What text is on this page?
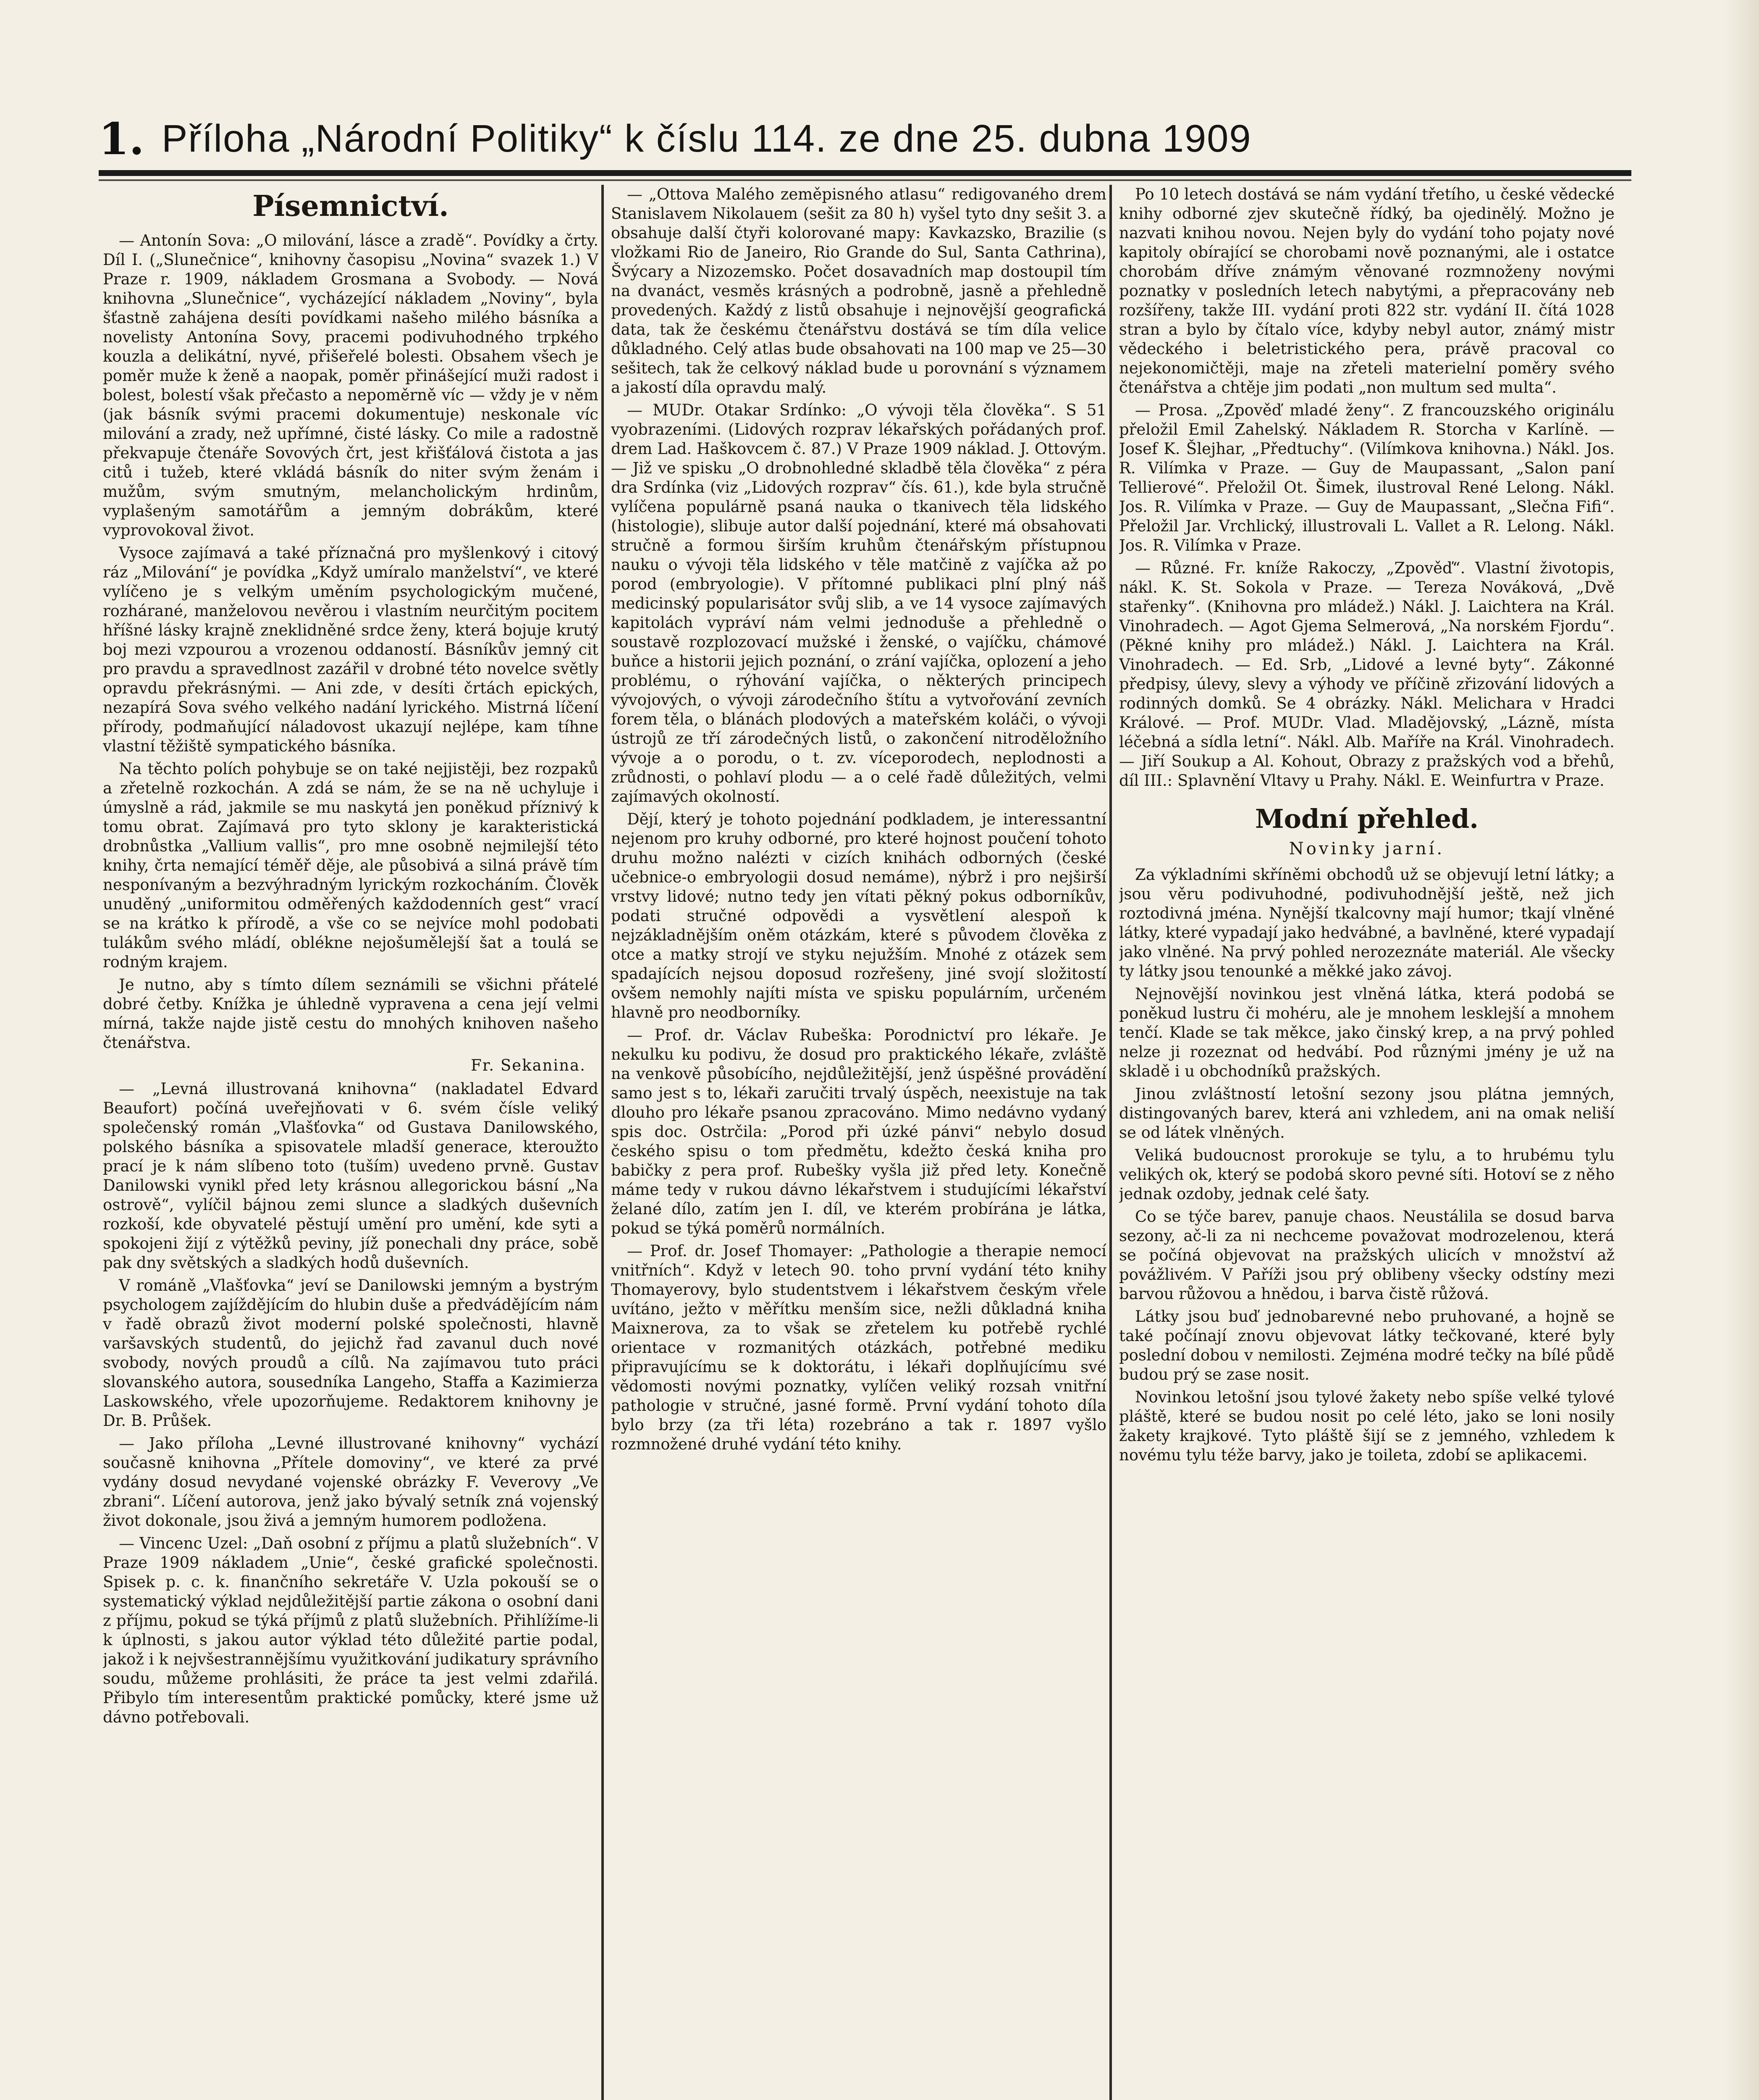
1. Příloha „Národní Politiky“ k číslu 114. ze dne 25. dubna 1909
Písemnictví.

— Antonín Sova: „O milování, lásce a zradě“. Povídky a črty. Díl I. („Slunečnice“, knihovny časopisu „Novina“ svazek 1.) V Praze r. 1909, nákladem Grosmana a Svobody. — Nová knihovna „Slunečnice“, vycházející nákladem „Noviny“, byla šťastně zahájena desíti povídkami našeho milého básníka a novelisty Antonína Sovy, pracemi podivuhodného trpkého kouzla a delikátní, nyvé, přišeřelé bolesti. Obsahem všech je poměr muže k ženě a naopak, poměr přinášející muži radost i bolest, bolestí však přečasto a nepoměrně víc — vždy je v něm (jak básník svými pracemi dokumentuje) neskonale víc milování a zrady, než upřímné, čisté lásky. Co mile a radostně překvapuje čtenáře Sovových črt, jest křišťálová čistota a jas citů i tužeb, které vkládá básník do niter svým ženám i mužům, svým smutným, melancholickým hrdinům, vyplašeným samotářům a jemným dobrákům, které vyprovokoval život.

Vysoce zajímavá a také příznačná pro myšlenkový i citový ráz „Milování“ je povídka „Když umíralo manželství“, ve které vylíčeno je s velkým uměním psychologickým mučené, rozhárané, manželovou nevěrou i vlastním neurčitým pocitem hříšné lásky krajně zneklidněné srdce ženy, která bojuje krutý boj mezi vzpourou a vrozenou oddaností. Básníkův jemný cit pro pravdu a spravedlnost zazářil v drobné této novelce světly opravdu překrásnými. — Ani zde, v desíti črtách epických, nezapírá Sova svého velkého nadání lyrického. Mistrná líčení přírody, podmaňující náladovost ukazují nejlépe, kam tíhne vlastní těžiště sympatického básníka.

Na těchto polích pohybuje se on také nejjistěji, bez rozpaků a zřetelně rozkochán. A zdá se nám, že se na ně uchyluje i úmyslně a rád, jakmile se mu naskytá jen poněkud příznivý k tomu obrat. Zajímavá pro tyto sklony je karakteristická drobnůstka „Vallium vallis“, pro mne osobně nejmilejší této knihy, črta nemající téměř děje, ale působivá a silná právě tím nesponívaným a bezvýhradným lyrickým rozkocháním. Člověk unuděný „uniformitou odměřených každodenních gest“ vrací se na krátko k přírodě, a vše co se nejvíce mohl podobati tulákům svého mládí, oblékne nejošumělejší šat a toulá se rodným krajem.

Je nutno, aby s tímto dílem seznámili se všichni přátelé dobré četby. Knížka je úhledně vypravena a cena její velmi mírná, takže najde jistě cestu do mnohých knihoven našeho čtenářstva.

Fr. Sekanina.

— „Levná illustrovaná knihovna“ (nakladatel Edvard Beaufort) počíná uveřejňovati v 6. svém čísle veliký společenský román „Vlašťovka“ od Gustava Danilowského, polského básníka a spisovatele mladší generace, kteroužto prací je k nám slíbeno toto (tuším) uvedeno prvně. Gustav Danilowski vynikl před lety krásnou allegorickou básní „Na ostrově“, vylíčil bájnou zemi slunce a sladkých duševních rozkoší, kde obyvatelé pěstují umění pro umění, kde syti a spokojeni žijí z výtěžků peviny, jíž ponechali dny práce, sobě pak dny světských a sladkých hodů duševních.

V románě „Vlašťovka“ jeví se Danilowski jemným a bystrým psychologem zajíždějícím do hlubin duše a předvádějícím nám v řadě obrazů život moderní polské společnosti, hlavně varšavských studentů, do jejichž řad zavanul duch nové svobody, nových proudů a cílů. Na zajímavou tuto práci slovanského autora, sousedníka Langeho, Staffa a Kazimierza Laskowského, vřele upozorňujeme. Redaktorem knihovny je Dr. B. Průšek.

— Jako příloha „Levné illustrované knihovny“ vychází současně knihovna „Přítele domoviny“, ve které za prvé vydány dosud nevydané vojenské obrázky F. Veverovy „Ve zbrani“. Líčení autorova, jenž jako bývalý setník zná vojenský život dokonale, jsou živá a jemným humorem podložena.

— Vincenc Uzel: „Daň osobní z příjmu a platů služebních“. V Praze 1909 nákladem „Unie“, české grafické společnosti. Spisek p. c. k. finančního sekretáře V. Uzla pokouší se o systematický výklad nejdůležitější partie zákona o osobní dani z příjmu, pokud se týká příjmů z platů služebních. Přihlížíme-li k úplnosti, s jakou autor výklad této důležité partie podal, jakož i k nejvšestrannějšímu využitkování judikatury správního soudu, můžeme prohlásiti, že práce ta jest velmi zdařilá. Přibylo tím interesentům praktické pomůcky, které jsme už dávno potřebovali.

— „Ottova Malého zeměpisného atlasu“ redigovaného drem Stanislavem Nikolauem (sešit za 80 h) vyšel tyto dny sešit 3. a obsahuje další čtyři kolorované mapy: Kavkazsko, Brazilie (s vložkami Rio de Janeiro, Rio Grande do Sul, Santa Cathrina), Švýcary a Nizozemsko. Počet dosavadních map dostoupil tím na dvanáct, vesměs krásných a podrobně, jasně a přehledně provedených. Každý z listů obsahuje i nejnovější geografická data, tak že českému čtenářstvu dostává se tím díla velice důkladného. Celý atlas bude obsahovati na 100 map ve 25—30 sešitech, tak že celkový náklad bude u porovnání s významem a jakostí díla opravdu malý.

— MUDr. Otakar Srdínko: „O vývoji těla člověka“. S 51 vyobrazeními. (Lidových rozprav lékařských pořádaných prof. drem Lad. Haškovcem č. 87.) V Praze 1909 náklad. J. Ottovým. — Již ve spisku „O drobnohledné skladbě těla člověka“ z péra dra Srdínka (viz „Lidových rozprav“ čís. 61.), kde byla stručně vylíčena populárně psaná nauka o tkanivech těla lidského (histologie), slibuje autor další pojednání, které má obsahovati stručně a formou širším kruhům čtenářským přístupnou nauku o vývoji těla lidského v těle matčině z vajíčka až po porod (embryologie). V přítomné publikaci plní plný náš medicinský popularisátor svůj slib, a ve 14 vysoce zajímavých kapitolách vypráví nám velmi jednoduše a přehledně o soustavě rozplozovací mužské i ženské, o vajíčku, chámové buňce a historii jejich poznání, o zrání vajíčka, oplození a jeho problému, o rýhování vajíčka, o některých principech vývojových, o vývoji zárodečního štítu a vytvořování zevních forem těla, o blánách plodových a mateřském koláči, o vývoji ústrojů ze tří zárodečných listů, o zakončení nitroděložního vývoje a o porodu, o t. zv. víceporodech, neplodnosti a zrůdnosti, o pohlaví plodu — a o celé řadě důležitých, velmi zajímavých okolností.

Dějí, který je tohoto pojednání podkladem, je interessantní nejenom pro kruhy odborné, pro které hojnost poučení tohoto druhu možno nalézti v cizích knihách odborných (české učebnice-o embryologii dosud nemáme), nýbrž i pro nejširší vrstvy lidové; nutno tedy jen vítati pěkný pokus odborníkův, podati stručné odpovědi a vysvětlení alespoň k nejzákladnějším oněm otázkám, které s původem člověka z otce a matky strojí ve styku nejužším. Mnohé z otázek sem spadajících nejsou doposud rozřešeny, jiné svojí složitostí ovšem nemohly najíti místa ve spisku populárním, určeném hlavně pro neodborníky.

— Prof. dr. Václav Rubeška: Porodnictví pro lékaře. Je nekulku ku podivu, že dosud pro praktického lékaře, zvláště na venkově působícího, nejdůležitější, jenž úspěšné provádění samo jest s to, lékaři zaručiti trvalý úspěch, neexistuje na tak dlouho pro lékaře psanou zpracováno. Mimo nedávno vydaný spis doc. Ostrčila: „Porod při úzké pánvi“ nebylo dosud českého spisu o tom předmětu, kdežto česká kniha pro babičky z pera prof. Rubešky vyšla již před lety. Konečně máme tedy v rukou dávno lékařstvem i studujícími lékařství želané dílo, zatím jen I. díl, ve kterém probírána je látka, pokud se týká poměrů normálních.

— Prof. dr. Josef Thomayer: „Pathologie a therapie nemocí vnitřních“. Když v letech 90. toho první vydání této knihy Thomayerovy, bylo studentstvem i lékařstvem českým vřele uvítáno, ježto v měřítku menším sice, nežli důkladná kniha Maixnerova, za to však se zřetelem ku potřebě rychlé orientace v rozmanitých otázkách, potřebné mediku připravujícímu se k doktorátu, i lékaři doplňujícímu své vědomosti novými poznatky, vylíčen veliký rozsah vnitřní pathologie v stručné, jasné formě. První vydání tohoto díla bylo brzy (za tři léta) rozebráno a tak r. 1897 vyšlo rozmnožené druhé vydání této knihy.

Po 10 letech dostává se nám vydání třetího, u české vědecké knihy odborné zjev skutečně řídký, ba ojedinělý. Možno je nazvati knihou novou. Nejen byly do vydání toho pojaty nové kapitoly obírající se chorobami nově poznanými, ale i ostatce chorobám dříve známým věnované rozmnoženy novými poznatky v posledních letech nabytými, a přepracovány neb rozšířeny, takže III. vydání proti 822 str. vydání II. čítá 1028 stran a bylo by čítalo více, kdyby nebyl autor, známý mistr vědeckého i beletristického pera, právě pracoval co nejekonomičtěji, maje na zřeteli materielní poměry svého čtenářstva a chtěje jim podati „non multum sed multa“.

— Prosa. „Zpověď mladé ženy“. Z francouzského originálu přeložil Emil Zahelský. Nákladem R. Storcha v Karlíně. — Josef K. Šlejhar, „Předtuchy“. (Vilímkova knihovna.) Nákl. Jos. R. Vilímka v Praze. — Guy de Maupassant, „Salon paní Tellierové“. Přeložil Ot. Šimek, ilustroval René Lelong. Nákl. Jos. R. Vilímka v Praze. — Guy de Maupassant, „Slečna Fifi“. Přeložil Jar. Vrchlický, illustrovali L. Vallet a R. Lelong. Nákl. Jos. R. Vilímka v Praze.

— Různé. Fr. kníže Rakoczy, „Zpověď“. Vlastní životopis, nákl. K. St. Sokola v Praze. — Tereza Nováková, „Dvě stařenky“. (Knihovna pro mládež.) Nákl. J. Laichtera na Král. Vinohradech. — Agot Gjema Selmerová, „Na norském Fjordu“. (Pěkné knihy pro mládež.) Nákl. J. Laichtera na Král. Vinohradech. — Ed. Srb, „Lidové a levné byty“. Zákonné předpisy, úlevy, slevy a výhody ve příčině zřizování lidových a rodinných domků. Se 4 obrázky. Nákl. Melichara v Hradci Králové. — Prof. MUDr. Vlad. Mladějovský, „Lázně, místa léčebná a sídla letní“. Nákl. Alb. Maříře na Král. Vinohradech. — Jiří Soukup a Al. Kohout, Obrazy z pražských vod a břehů, díl III.: Splavnění Vltavy u Prahy. Nákl. E. Weinfurtra v Praze.

Modní přehled.
Novinky jarní.

Za výkladními skříněmi obchodů už se objevují letní látky; a jsou věru podivuhodné, podivuhodnější ještě, než jich roztodivná jména. Nynější tkalcovny mají humor; tkají vlněné látky, které vypadají jako hedvábné, a bavlněné, které vypadají jako vlněné. Na prvý pohled nerozeznáte materiál. Ale všecky ty látky jsou tenounké a měkké jako závoj.

Nejnovější novinkou jest vlněná látka, která podobá se poněkud lustru či mohéru, ale je mnohem lesklejší a mnohem tenčí. Klade se tak měkce, jako činský krep, a na prvý pohled nelze ji rozeznat od hedvábí. Pod různými jmény je už na skladě i u obchodníků pražských.

Jinou zvláštností letošní sezony jsou plátna jemných, distingovaných barev, která ani vzhledem, ani na omak neliší se od látek vlněných.

Veliká budoucnost prorokuje se tylu, a to hrubému tylu velikých ok, který se podobá skoro pevné síti. Hotoví se z něho jednak ozdoby, jednak celé šaty.

Co se týče barev, panuje chaos. Neustálila se dosud barva sezony, ač-li za ni nechceme považovat modrozelenou, která se počíná objevovat na pražských ulicích v množství až povážlivém. V Paříži jsou prý oblibeny všecky odstíny mezi barvou růžovou a hnědou, i barva čistě růžová.

Látky jsou buď jednobarevné nebo pruhované, a hojně se také počínají znovu objevovat látky tečkované, které byly poslední dobou v nemilosti. Zejména modré tečky na bílé půdě budou prý se zase nosit.

Novinkou letošní jsou tylové žakety nebo spíše velké tylové pláště, které se budou nosit po celé léto, jako se loni nosily žakety krajkové. Tyto pláště šijí se z jemného, vzhledem k novému tylu téže barvy, jako je toileta, zdobí se aplikacemi.
